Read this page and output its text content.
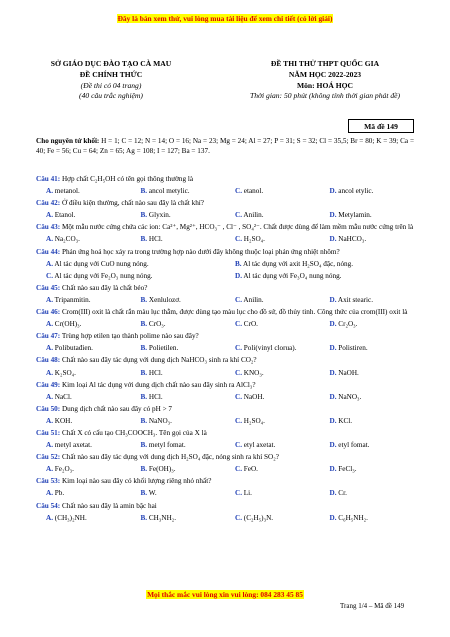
Đây là bản xem thử, vui lòng mua tài liệu để xem chi tiết (có lời giải)
SỞ GIÁO DỤC ĐÀO TẠO CÀ MAU
ĐỀ CHÍNH THỨC
(Đề thi có 04 trang)
(40 câu trắc nghiệm)
ĐỀ THI THỬ THPT QUỐC GIA
NĂM HỌC 2022-2023
Môn: HOÁ HỌC
Thời gian: 50 phút (không tính thời gian phát đề)
Mã đề 149
Cho nguyên tử khối: H = 1; C = 12; N = 14; O = 16; Na = 23; Mg = 24; Al = 27; P = 31; S = 32; Cl = 35,5; Br = 80; K = 39; Ca = 40; Fe = 56; Cu = 64; Zn = 65; Ag = 108; I = 127; Ba = 137.
Câu 41: Hợp chất C₂H₅OH có tên gọi thông thường là
A. metanol.	B. ancol metylic.	C. etanol.	D. ancol etylic.
Câu 42: Ở điều kiện thường, chất nào sau đây là chất khí?
A. Etanol.	B. Glyxin.	C. Anilin.	D. Metylamin.
Câu 43: Một mẫu nước cứng chứa các ion: Ca²⁺, Mg²⁺, HCO₃⁻ , Cl⁻ , SO₄²⁻. Chất được dùng để làm mềm mẫu nước cứng trên là
A. Na₂CO₃.	B. HCl.	C. H₂SO₄.	D. NaHCO₃.
Câu 44: Phản ứng hoá học xảy ra trong trường hợp nào dưới đây không thuộc loại phản ứng nhiệt nhôm?
A. Al tác dụng với CuO nung nóng.	B. Al tác dụng với axit H₂SO₄ đặc, nóng.
C. Al tác dụng với Fe₂O₃ nung nóng.	D. Al tác dụng với Fe₃O₄ nung nóng.
Câu 45: Chất nào sau đây là chất béo?
A. Tripanmitin.	B. Xenlulozơ.	C. Anilin.	D. Axit stearic.
Câu 46: Crom(III) oxit là chất rắn màu lục thẫm, được dùng tạo màu lục cho đồ sứ, đồ thủy tinh. Công thức của crom(III) oxit là
A. Cr(OH)₃.	B. CrO₃.	C. CrO.	D. Cr₂O₃.
Câu 47: Trùng hợp etilen tạo thành polime nào sau đây?
A. Polibutađien.	B. Polietilen.	C. Poli(vinyl clorua).	D. Polistiren.
Câu 48: Chất nào sau đây tác dụng với dung dịch NaHCO₃ sinh ra khí CO₂?
A. K₂SO₄.	B. HCl.	C. KNO₃.	D. NaOH.
Câu 49: Kim loại Al tác dụng với dung dịch chất nào sau đây sinh ra AlCl₃?
A. NaCl.	B. HCl.	C. NaOH.	D. NaNO₃.
Câu 50: Dung dịch chất nào sau đây có pH > 7
A. KOH.	B. NaNO₃.	C. H₂SO₄.	D. KCl.
Câu 51: Chất X có cấu tạo CH₃COOCH₃. Tên gọi của X là
A. metyl axetat.	B. metyl fomat.	C. etyl axetat.	D. etyl fomat.
Câu 52: Chất nào sau đây tác dụng với dung dịch H₂SO₄ đặc, nóng sinh ra khí SO₂?
A. Fe₂O₃.	B. Fe(OH)₃.	C. FeO.	D. FeCl₃.
Câu 53: Kim loại nào sau đây có khối lượng riêng nhỏ nhất?
A. Pb.	B. W.	C. Li.	D. Cr.
Câu 54: Chất nào sau đây là amin bậc hai
A. (CH₃)₂NH.	B. CH₃NH₂.	C. (C₂H₅)₃N.	D. C₆H₅NH₂.
Mọi thắc mắc vui lòng xin vui lòng: 084 283 45 85
Trang 1/4 – Mã đề 149
